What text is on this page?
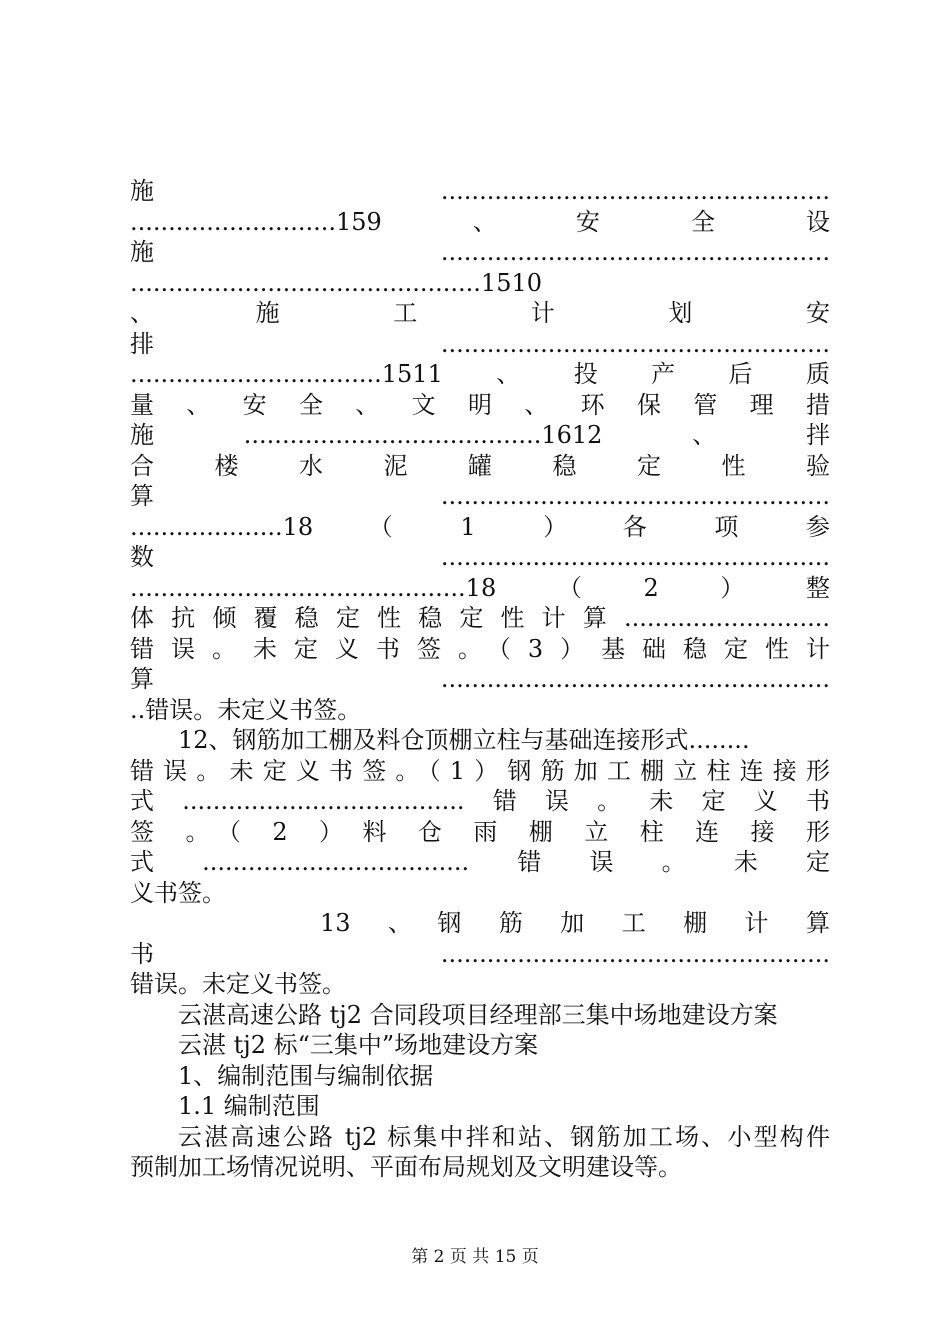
施...................................................
...........................159　、　安　全　设
施...................................................
..............................................1510
、　施　工　计　划　安
排...................................................
.................................1511、投产后质
量、安全、文明、环保管理措
施.......................................1612、拌
合　楼　水　泥　罐　稳　定　性　验
算...................................................
....................18　（　1　）　各　项　参
数...................................................
............................................18（2）整
体抗倾覆稳定性稳定性计算...........................
错误。未定义书签。（3）基础稳定性计
算...................................................
..错误。未定义书签。
12、钢筋加工棚及料仓顶棚立柱与基础连接形式........
错误。未定义书签。（1）钢筋加工棚立柱连接形
式.....................................错误。未定义书
签　。　（　2　）　料　仓　雨　棚　立　柱　连　接　形
式...................................错误。未定
义书签。
13　、　钢　筋　加　工　棚　计　算
书...................................................
错误。未定义书签。
云湛高速公路 tj2 合同段项目经理部三集中场地建设方案
云湛 tj2 标“三集中”场地建设方案
1、编制范围与编制依据
1.1 编制范围
云湛高速公路 tj2 标集中拌和站、钢筋加工场、小型构件
预制加工场情况说明、平面布局规划及文明建设等。
第 2 页 共 15 页
